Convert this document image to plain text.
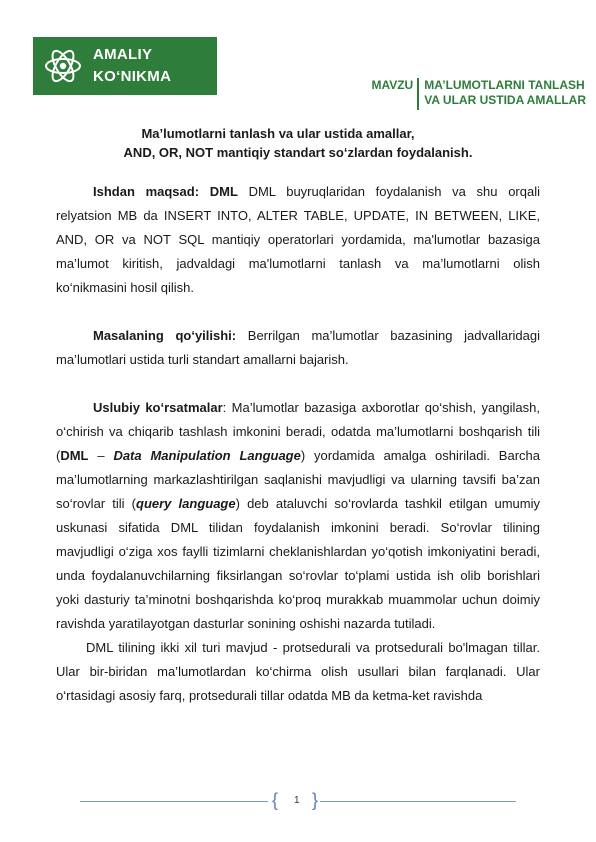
AMALIY
KO‘NIKMA	MAVZU MA’LUMOTLARNI TANLASH
VA ULAR USTIDA AMALLAR
Ma’lumotlarni tanlash va ular ustida amallar,
AND, OR, NOT mantiqiy standart so‘zlardan foydalanish.

Ishdan maqsad: DML DML buyruqlaridan foydalanish va shu orqali relyatsion MB da INSERT INTO, ALTER TABLE, UPDATE, IN BETWEEN, LIKE, AND, OR va NOT SQL mantiqiy operatorlari yordamida, ma'lumotlar bazasiga ma’lumot kiritish, jadvaldagi ma'lumotlarni tanlash va ma’lumotlarni olish ko‘nikmasini hosil qilish.

Masalaning qo‘yilishi: Berrilgan ma’lumotlar bazasining jadvallaridagi ma’lumotlari ustida turli standart amallarni bajarish.

Uslubiy ko‘rsatmalar: Ma’lumotlar bazasiga axborotlar qo‘shish, yangilash, o‘chirish va chiqarib tashlash imkonini beradi, odatda ma’lumotlarni boshqarish tili (DML – Data Manipulation Language) yordamida amalga oshiriladi. Barcha ma’lumotlarning markazlashtirilgan saqlanishi mavjudligi va ularning tavsifi ba’zan so‘rovlar tili (query language) deb ataluvchi so‘rovlarda tashkil etilgan umumiy uskunasi sifatida DML tilidan foydalanish imkonini beradi. So‘rovlar tilining mavjudligi o‘ziga xos faylli tizimlarni cheklanishlardan yo‘qotish imkoniyatini beradi, unda foydalanuvchilarning fiksirlangan so‘rovlar to‘plami ustida ish olib borishlari yoki dasturiy ta’minotni boshqarishda ko‘proq murakkab muammolar uchun doimiy ravishda yaratilayotgan dasturlar sonining oshishi nazarda tutiladi.

DML tilining ikki xil turi mavjud - protsedurali va protsedurali bo'lmagan tillar. Ular bir-biridan ma’lumotlardan ko‘chirma olish usullari bilan farqlanadi. Ular o‘rtasidagi asosiy farq, protsedurali tillar odatda MB da ketma-ket ravishda

{ 1 }
